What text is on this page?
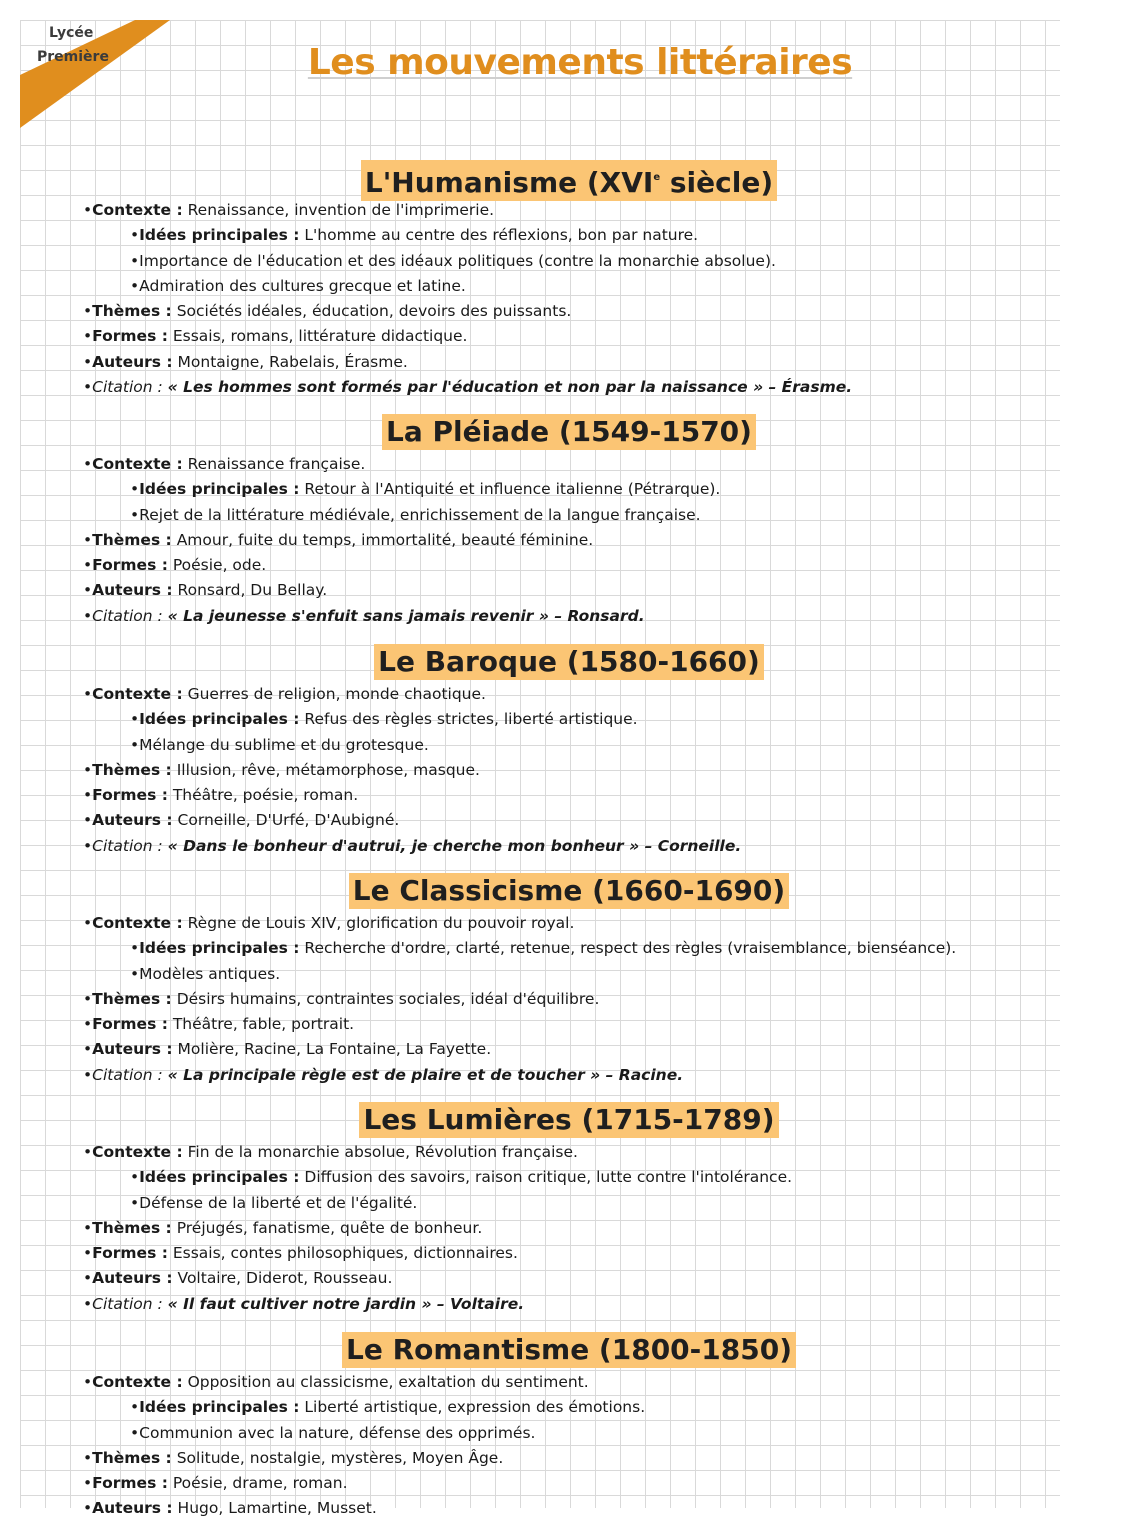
Lycée
Première	Les mouvements littéraires
L'Humanisme (XVIe siècle)
•Contexte : Renaissance, invention de l'imprimerie.
•Idées principales : L'homme au centre des réflexions, bon par nature.
•Importance de l'éducation et des idéaux politiques (contre la monarchie absolue).
•Admiration des cultures grecque et latine.
•Thèmes : Sociétés idéales, éducation, devoirs des puissants.
•Formes : Essais, romans, littérature didactique.
•Auteurs : Montaigne, Rabelais, Érasme.
•Citation : « Les hommes sont formés par l'éducation et non par la naissance » – Érasme.
La Pléiade (1549-1570)
•Contexte : Renaissance française.
•Idées principales : Retour à l'Antiquité et influence italienne (Pétrarque).
•Rejet de la littérature médiévale, enrichissement de la langue française.
•Thèmes : Amour, fuite du temps, immortalité, beauté féminine.
•Formes : Poésie, ode.
•Auteurs : Ronsard, Du Bellay.
•Citation : « La jeunesse s'enfuit sans jamais revenir » – Ronsard.
Le Baroque (1580-1660)
•Contexte : Guerres de religion, monde chaotique.
•Idées principales : Refus des règles strictes, liberté artistique.
•Mélange du sublime et du grotesque.
•Thèmes : Illusion, rêve, métamorphose, masque.
•Formes : Théâtre, poésie, roman.
•Auteurs : Corneille, D'Urfé, D'Aubigné.
•Citation : « Dans le bonheur d'autrui, je cherche mon bonheur » – Corneille.
Le Classicisme (1660-1690)
•Contexte : Règne de Louis XIV, glorification du pouvoir royal.
•Idées principales : Recherche d'ordre, clarté, retenue, respect des règles (vraisemblance, bienséance).
•Modèles antiques.
•Thèmes : Désirs humains, contraintes sociales, idéal d'équilibre.
•Formes : Théâtre, fable, portrait.
•Auteurs : Molière, Racine, La Fontaine, La Fayette.
•Citation : « La principale règle est de plaire et de toucher » – Racine.
Les Lumières (1715-1789)
•Contexte : Fin de la monarchie absolue, Révolution française.
•Idées principales : Diffusion des savoirs, raison critique, lutte contre l'intolérance.
•Défense de la liberté et de l'égalité.
•Thèmes : Préjugés, fanatisme, quête de bonheur.
•Formes : Essais, contes philosophiques, dictionnaires.
•Auteurs : Voltaire, Diderot, Rousseau.
•Citation : « Il faut cultiver notre jardin » – Voltaire.
Le Romantisme (1800-1850)
•Contexte : Opposition au classicisme, exaltation du sentiment.
•Idées principales : Liberté artistique, expression des émotions.
•Communion avec la nature, défense des opprimés.
•Thèmes : Solitude, nostalgie, mystères, Moyen Âge.
•Formes : Poésie, drame, roman.
•Auteurs : Hugo, Lamartine, Musset.
